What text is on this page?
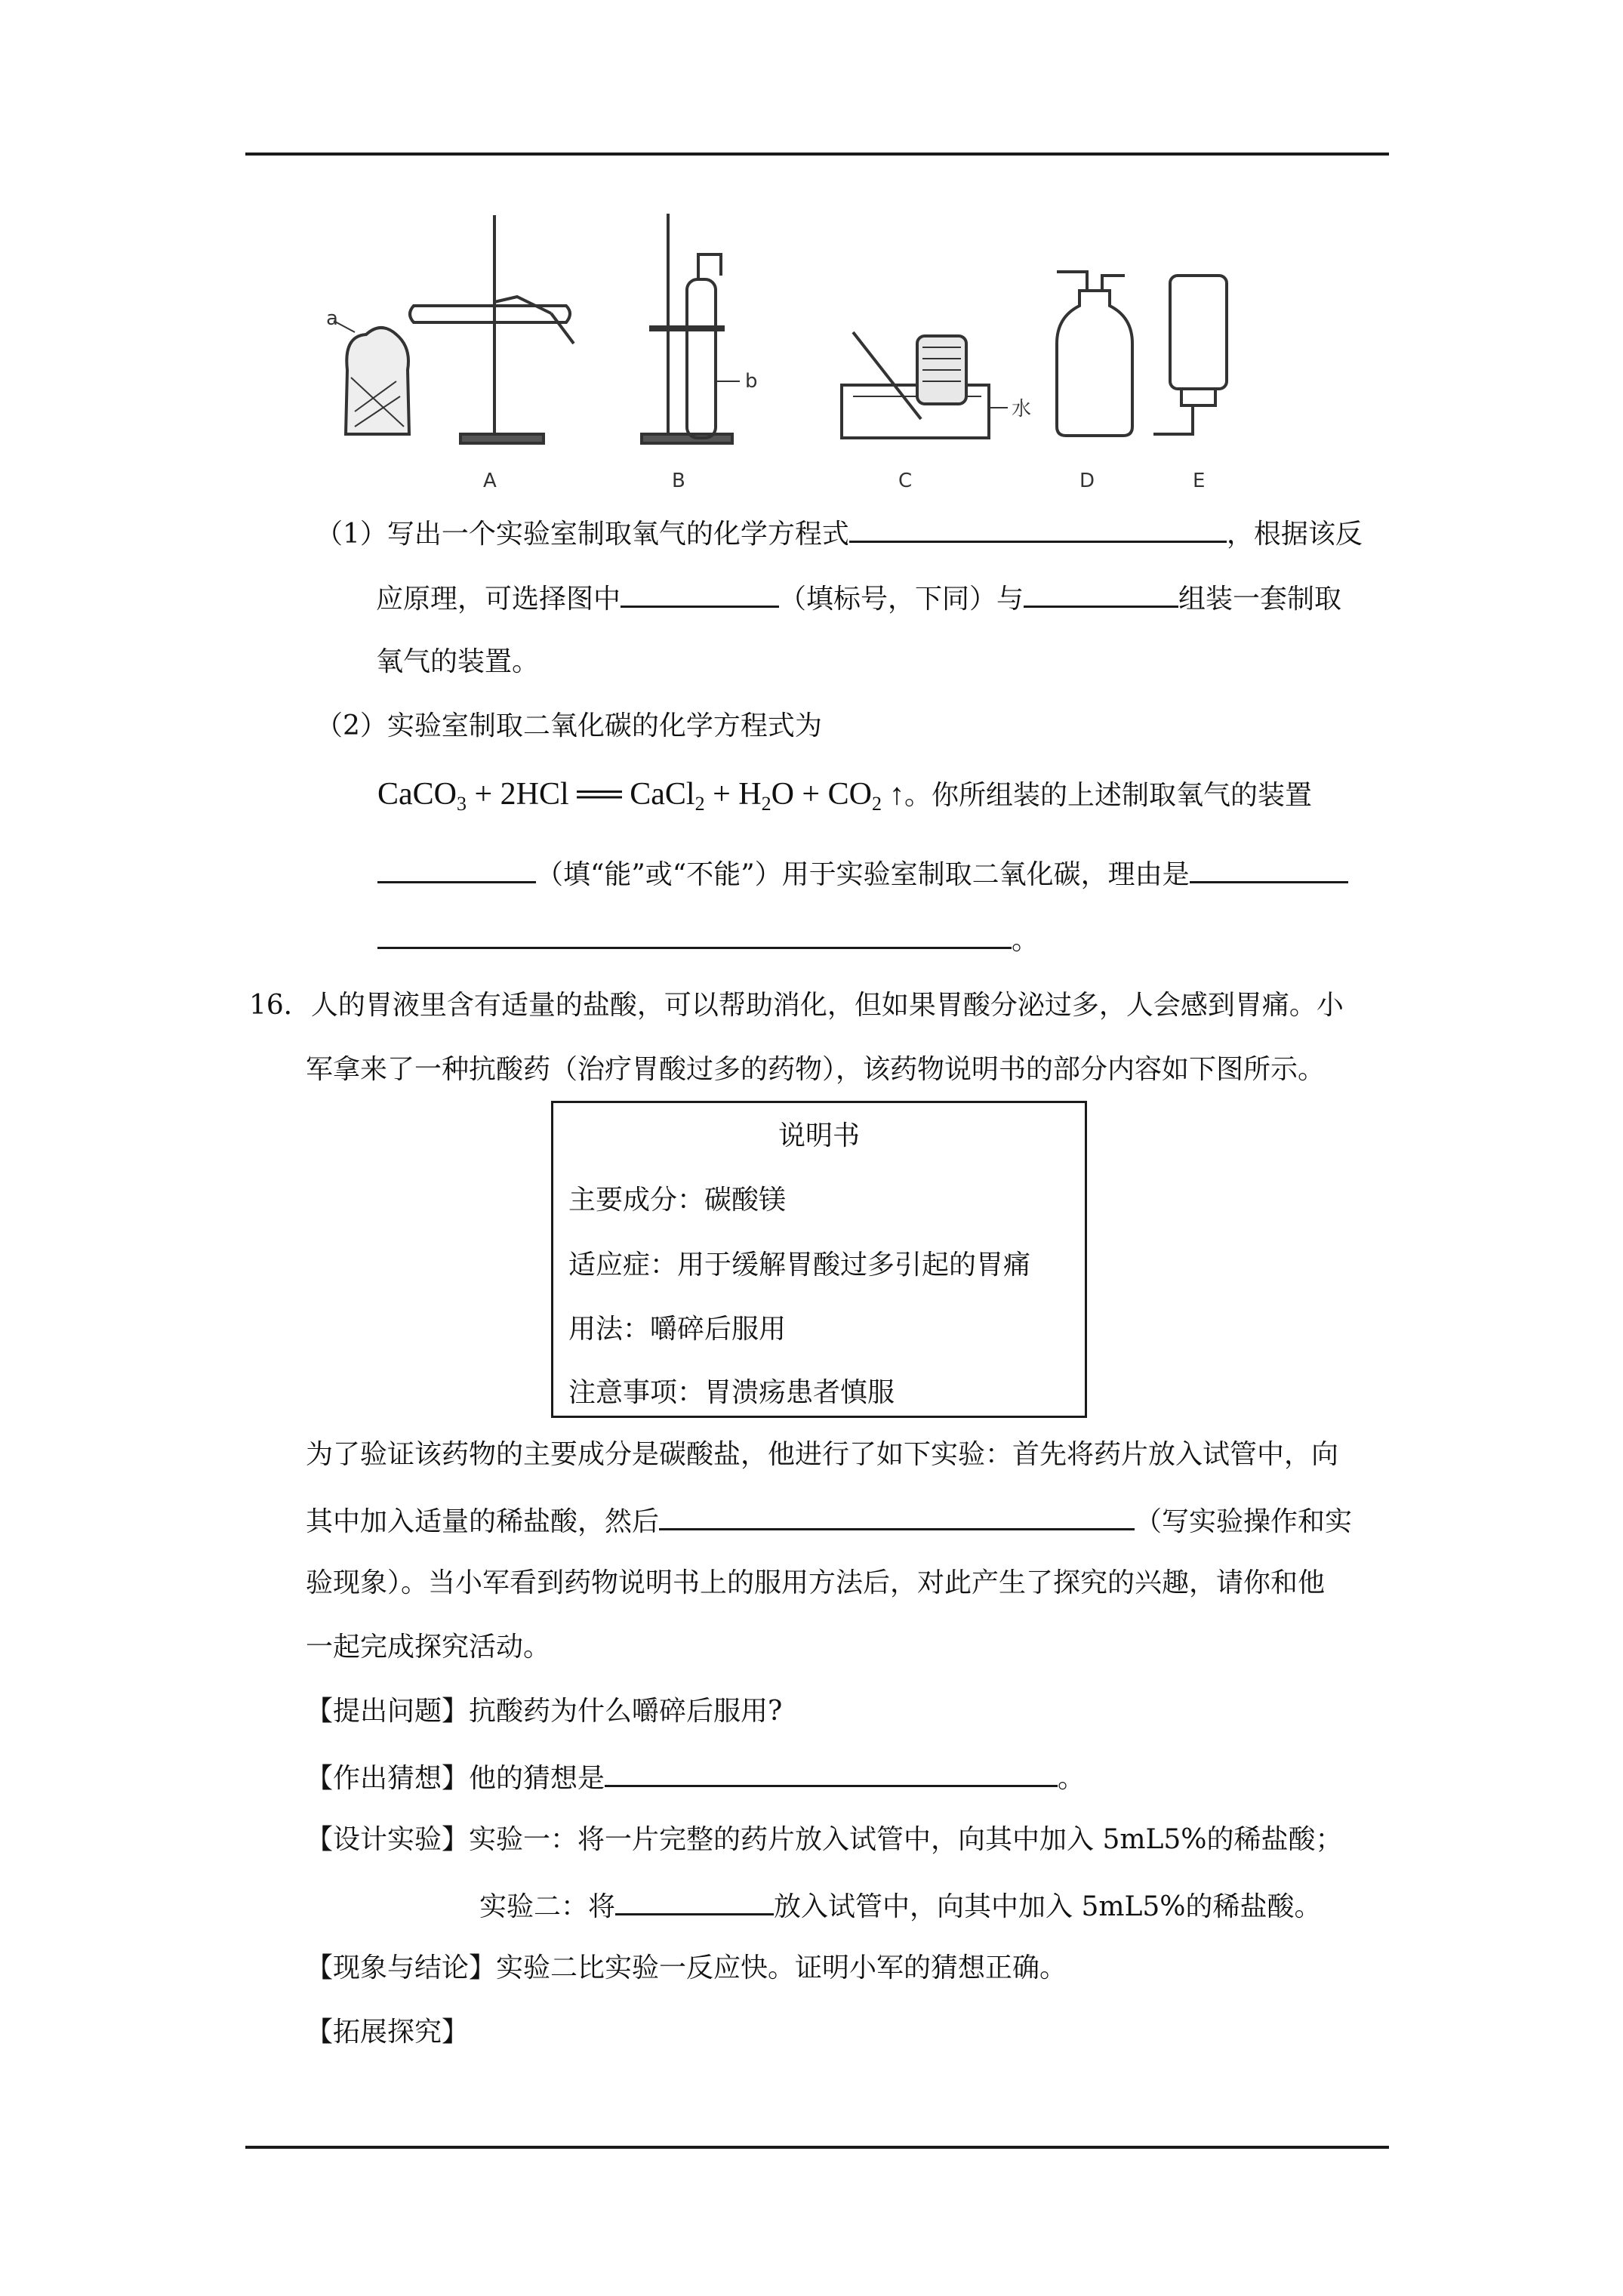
A	B	C	D	E
a
b
水
（1）写出一个实验室制取氧气的化学方程式	，根据该反
应原理，可选择图中	（填标号，下同）与	组装一套制取
氧气的装置。
（2）实验室制取二氧化碳的化学方程式为
CaCO$_3$ + 2HCl ══ CaCl$_2$ + $H_2O + CO_2$ ↑。你所组装的上述制取氧气的装置
（填“能”或“不能”）用于实验室制取二氧化碳，理由是
。
16．人的胃液里含有适量的盐酸，可以帮助消化，但如果胃酸分泌过多，人会感到胃痛。小
军拿来了一种抗酸药（治疗胃酸过多的药物），该药物说明书的部分内容如下图所示。
说明书
主要成分：碳酸镁
适应症：用于缓解胃酸过多引起的胃痛
用法：嚼碎后服用
注意事项：胃溃疡患者慎服
为了验证该药物的主要成分是碳酸盐，他进行了如下实验：首先将药片放入试管中，向
其中加入适量的稀盐酸，然后	（写实验操作和实
验现象）。当小军看到药物说明书上的服用方法后，对此产生了探究的兴趣，请你和他
一起完成探究活动。
【提出问题】抗酸药为什么嚼碎后服用?
【作出猜想】他的猜想是	。
【设计实验】实验一：将一片完整的药片放入试管中，向其中加入 5mL5%的稀盐酸；
实验二：将	放入试管中，向其中加入 5mL5%的稀盐酸。
【现象与结论】实验二比实验一反应快。证明小军的猜想正确。
【拓展探究】
